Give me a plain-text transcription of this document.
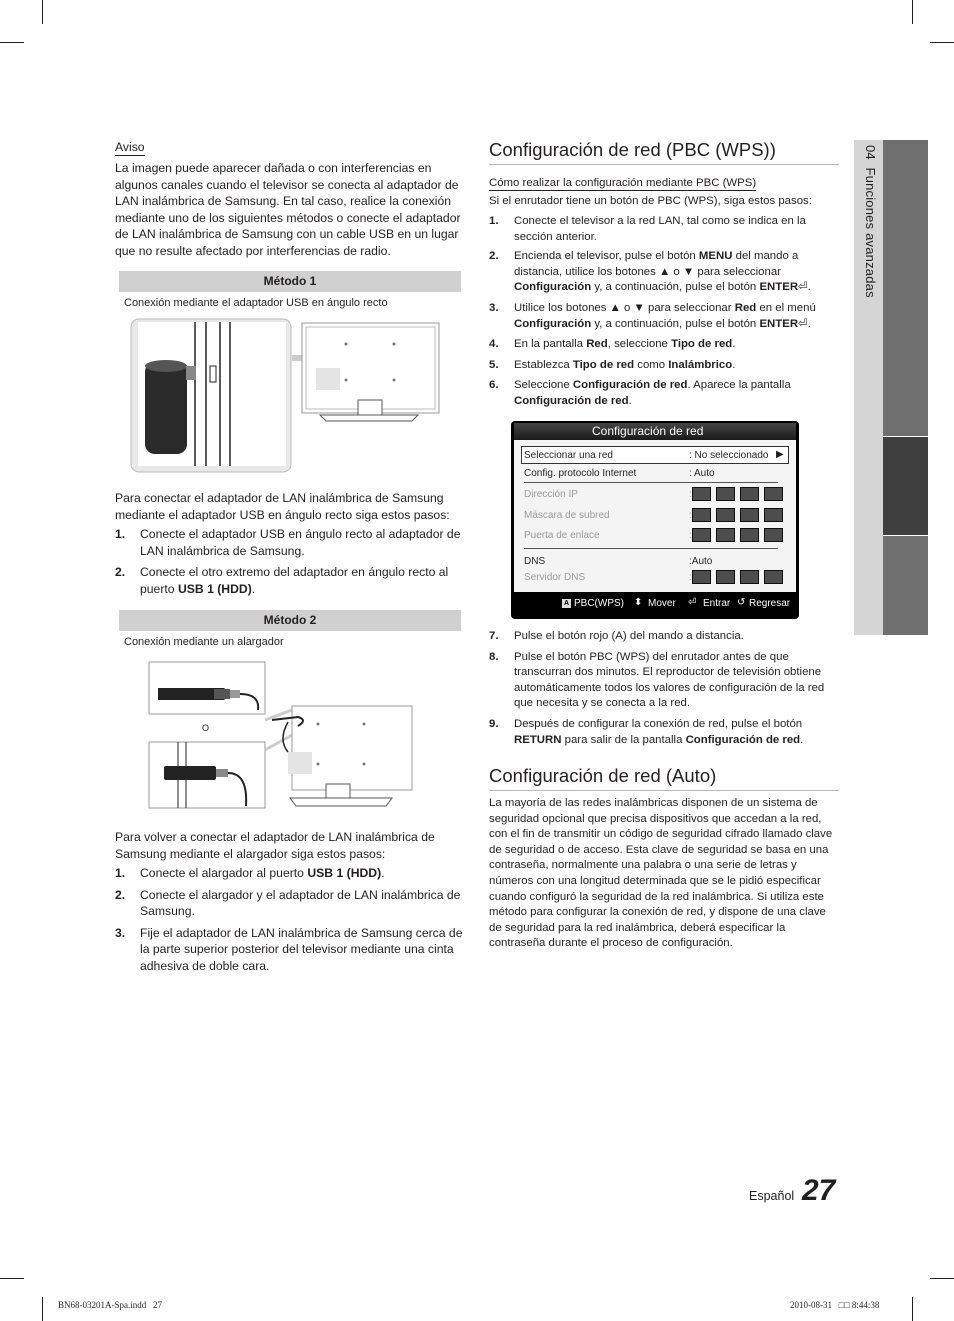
04  Funciones avanzadas
Aviso

La imagen puede aparecer dañada o con interferencias en algunos canales cuando el televisor se conecta al adaptador de LAN inalámbrica de Samsung. En tal caso, realice la conexión mediante uno de los siguientes métodos o conecte el adaptador de LAN inalámbrica de Samsung con un cable USB en un lugar que no resulte afectado por interferencias de radio.

Método 1
Conexión mediante el adaptador USB en ángulo recto

Para conectar el adaptador de LAN inalámbrica de Samsung mediante el adaptador USB en ángulo recto siga estos pasos:

1. Conecte el adaptador USB en ángulo recto al adaptador de LAN inalámbrica de Samsung.
2. Conecte el otro extremo del adaptador en ángulo recto al puerto USB 1 (HDD).
Método 2
Conexión mediante un alargador
O

Para volver a conectar el adaptador de LAN inalámbrica de Samsung mediante el alargador siga estos pasos:

1. Conecte el alargador al puerto USB 1 (HDD).
2. Conecte el alargador y el adaptador de LAN inalámbrica de Samsung.
3. Fije el adaptador de LAN inalámbrica de Samsung cerca de la parte superior posterior del televisor mediante una cinta adhesiva de doble cara.
Configuración de red (PBC (WPS))
Cómo realizar la configuración mediante PBC (WPS)

Si el enrutador tiene un botón de PBC (WPS), siga estos pasos:

1. Conecte el televisor a la red LAN, tal como se indica en la sección anterior.
2. Encienda el televisor, pulse el botón MENU del mando a distancia, utilice los botones ▲ o ▼ para seleccionar Configuración y, a continuación, pulse el botón ENTER⏎.
3. Utilice los botones ▲ o ▼ para seleccionar Red en el menú Configuración y, a continuación, pulse el botón ENTER⏎.
4. En la pantalla Red, seleccione Tipo de red.
5. Establezca Tipo de red como Inalámbrico.
6. Seleccione Configuración de red. Aparece la pantalla Configuración de red.
Configuración de red
Seleccionar una red	: No seleccionado ▶
Config. protocolo Internet	: Auto
Dirección IP	:
Máscara de subred	:
Puerta de enlace	:
DNS	:Auto
Servidor DNS	:
A PBC(WPS) ⬍ Mover ⏎ Entrar ↺ Regresar
7. Pulse el botón rojo (A) del mando a distancia.
8. Pulse el botón PBC (WPS) del enrutador antes de que transcurran dos minutos. El reproductor de televisión obtiene automáticamente todos los valores de configuración de la red que necesita y se conecta a la red.
9. Después de configurar la conexión de red, pulse el botón RETURN para salir de la pantalla Configuración de red.
Configuración de red (Auto)

La mayoría de las redes inalámbricas disponen de un sistema de seguridad opcional que precisa dispositivos que accedan a la red, con el fin de transmitir un código de seguridad cifrado llamado clave de seguridad o de acceso. Esta clave de seguridad se basa en una contraseña, normalmente una palabra o una serie de letras y números con una longitud determinada que se le pidió especificar cuando configuró la seguridad de la red inalámbrica. Si utiliza este método para configurar la conexión de red, y dispone de una clave de seguridad para la red inalámbrica, deberá especificar la contraseña durante el proceso de configuración.

Español 27
BN68-03201A-Spa.indd   27	2010-08-31   □□ 8:44:38
